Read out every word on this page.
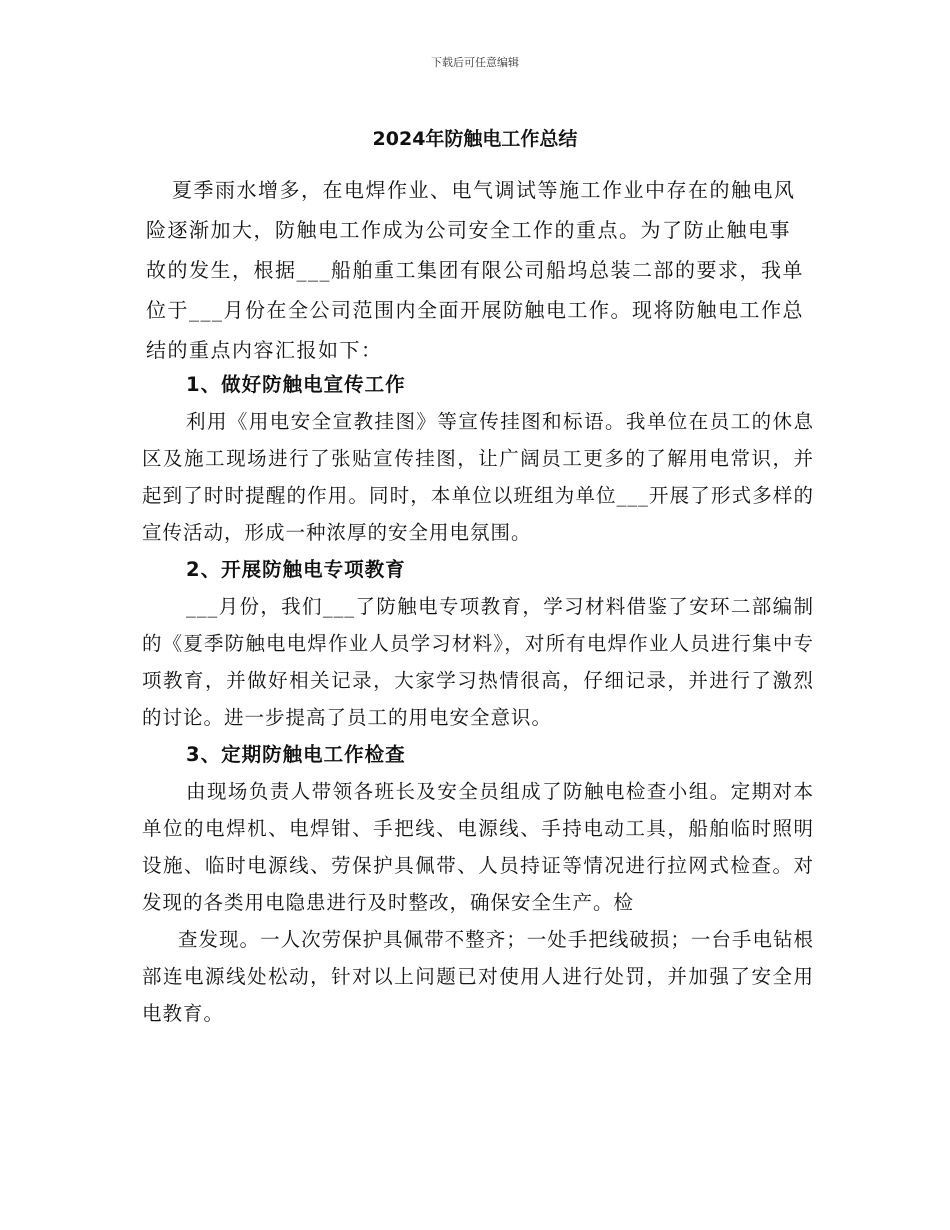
下载后可任意编辑
2024年防触电工作总结

夏季雨水增多，在电焊作业、电气调试等施工作业中存在的触电风险逐渐加大，防触电工作成为公司安全工作的重点。为了防止触电事故的发生，根据___船舶重工集团有限公司船坞总装二部的要求，我单位于___月份在全公司范围内全面开展防触电工作。现将防触电工作总结的重点内容汇报如下：

1、做好防触电宣传工作

利用《用电安全宣教挂图》等宣传挂图和标语。我单位在员工的休息区及施工现场进行了张贴宣传挂图，让广阔员工更多的了解用电常识，并起到了时时提醒的作用。同时，本单位以班组为单位___开展了形式多样的宣传活动，形成一种浓厚的安全用电氛围。

2、开展防触电专项教育

___月份，我们___了防触电专项教育，学习材料借鉴了安环二部编制的《夏季防触电电焊作业人员学习材料》，对所有电焊作业人员进行集中专项教育，并做好相关记录，大家学习热情很高，仔细记录，并进行了激烈的讨论。进一步提高了员工的用电安全意识。

3、定期防触电工作检查

由现场负责人带领各班长及安全员组成了防触电检查小组。定期对本单位的电焊机、电焊钳、手把线、电源线、手持电动工具，船舶临时照明设施、临时电源线、劳保护具佩带、人员持证等情况进行拉网式检查。对发现的各类用电隐患进行及时整改，确保安全生产。检

查发现。一人次劳保护具佩带不整齐；一处手把线破损；一台手电钻根部连电源线处松动，针对以上问题已对使用人进行处罚，并加强了安全用电教育。
